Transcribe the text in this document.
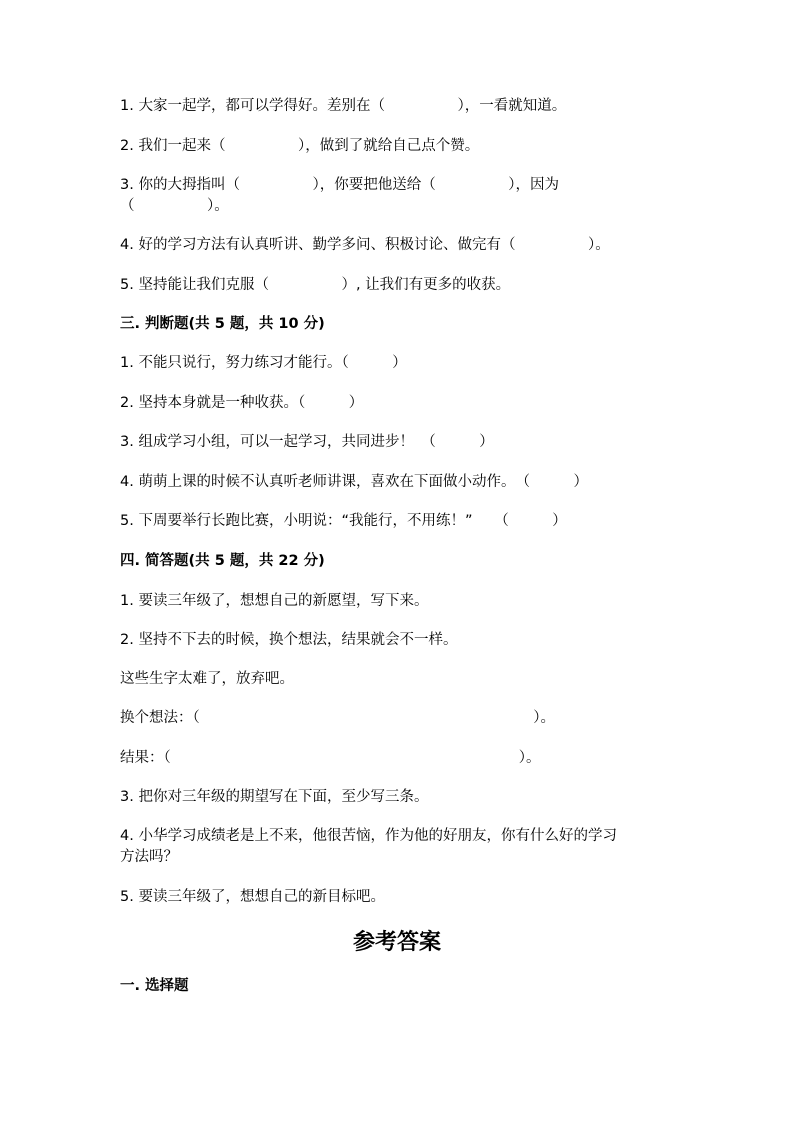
1. 大家一起学，都可以学得好。差别在（　　　　　），一看就知道。
2. 我们一起来（　　　　　），做到了就给自己点个赞。
3. 你的大拇指叫（　　　　　），你要把他送给（　　　　　），因为
（　　　　　）。
4. 好的学习方法有认真听讲、勤学多问、积极讨论、做完有（　　　　　）。
5. 坚持能让我们克服（　　　　　）, 让我们有更多的收获。
三. 判断题(共 5 题，共 10 分)
1. 不能只说行，努力练习才能行。（　　　）
2. 坚持本身就是一种收获。（　　　）
3. 组成学习小组，可以一起学习，共同进步！　（　　　）
4. 萌萌上课的时候不认真听老师讲课，喜欢在下面做小动作。　（　　　）
5. 下周要举行长跑比赛，小明说：“我能行，不用练！”　　（　　　）
四. 简答题(共 5 题，共 22 分)
1. 要读三年级了，想想自己的新愿望，写下来。
2. 坚持不下去的时候，换个想法，结果就会不一样。
这些生字太难了，放弃吧。
换个想法：（　　　　　　　　　　　　　　　　　　　　　　　）。
结果：（　　　　　　　　　　　　　　　　　　　　　　　　）。
3. 把你对三年级的期望写在下面，至少写三条。
4. 小华学习成绩老是上不来，他很苦恼，作为他的好朋友，你有什么好的学习
方法吗？
5. 要读三年级了，想想自己的新目标吧。
参考答案
一. 选择题
